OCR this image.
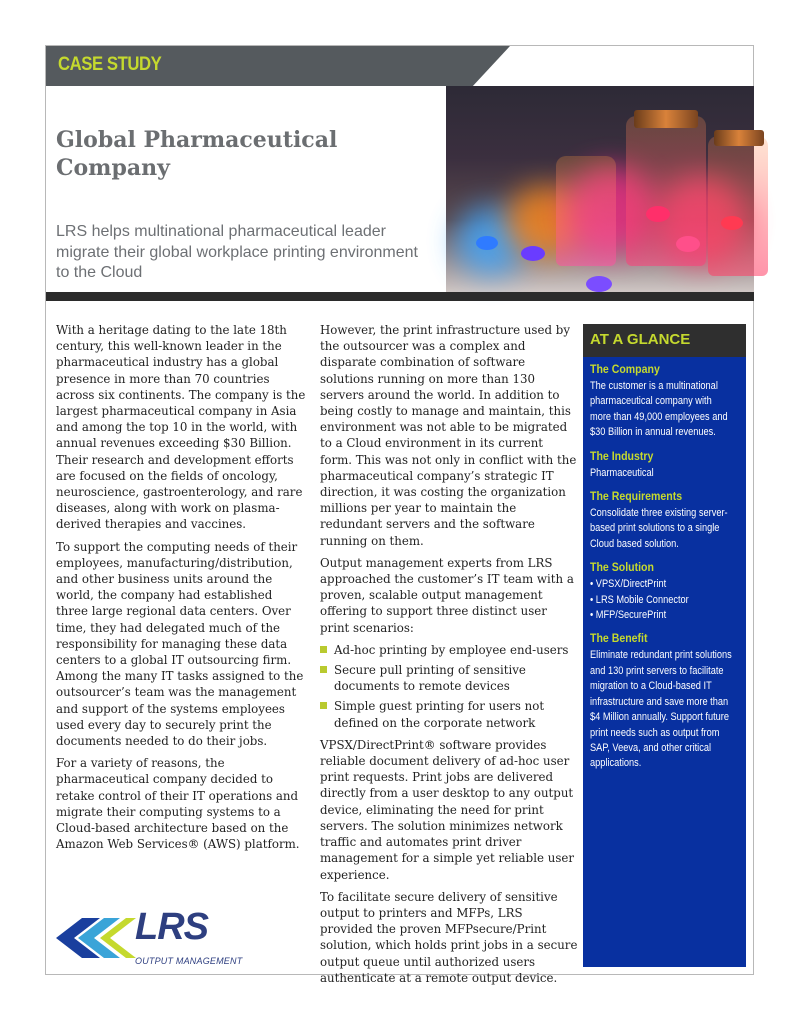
CASE STUDY
Global Pharmaceutical Company
LRS helps multinational pharmaceutical leader migrate their global workplace printing environment to the Cloud

With a heritage dating to the late 18th century, this well-known leader in the pharmaceutical industry has a global presence in more than 70 countries across six continents. The company is the largest pharmaceutical company in Asia and among the top 10 in the world, with annual revenues exceeding $30 Billion. Their research and development efforts are focused on the fields of oncology, neuroscience, gastroenterology, and rare diseases, along with work on plasma-derived therapies and vaccines.

To support the computing needs of their employees, manufacturing/distribution, and other business units around the world, the company had established three large regional data centers. Over time, they had delegated much of the responsibility for managing these data centers to a global IT outsourcing firm. Among the many IT tasks assigned to the outsourcer’s team was the management and support of the systems employees used every day to securely print the documents needed to do their jobs.

For a variety of reasons, the pharmaceutical company decided to retake control of their IT operations and migrate their computing systems to a Cloud-based architecture based on the Amazon Web Services® (AWS) platform.

However, the print infrastructure used by the outsourcer was a complex and disparate combination of software solutions running on more than 130 servers around the world. In addition to being costly to manage and maintain, this environment was not able to be migrated to a Cloud environment in its current form. This was not only in conflict with the pharmaceutical company’s strategic IT direction, it was costing the organization millions per year to maintain the redundant servers and the software running on them.

Output management experts from LRS approached the customer’s IT team with a proven, scalable output management offering to support three distinct user print scenarios:

Ad-hoc printing by employee end-users
Secure pull printing of sensitive documents to remote devices
Simple guest printing for users not defined on the corporate network

VPSX/DirectPrint® software provides reliable document delivery of ad-hoc user print requests. Print jobs are delivered directly from a user desktop to any output device, eliminating the need for print servers. The solution minimizes network traffic and automates print driver management for a simple yet reliable user experience.

To facilitate secure delivery of sensitive output to printers and MFPs, LRS provided the proven MFPsecure/Print solution, which holds print jobs in a secure output queue until authorized users authenticate at a remote output device.

AT A GLANCE
The Company
The customer is a multinational pharmaceutical company with more than 49,000 employees and $30 Billion in annual revenues.
The Industry
Pharmaceutical
The Requirements
Consolidate three existing server-based print solutions to a single Cloud based solution.
The Solution
• VPSX/DirectPrint
• LRS Mobile Connector
• MFP/SecurePrint
The Benefit
Eliminate redundant print solutions and 130 print servers to facilitate migration to a Cloud-based IT infrastructure and save more than $4 Million annually. Support future print needs such as output from SAP, Veeva, and other critical applications.
LRS
OUTPUT MANAGEMENT
